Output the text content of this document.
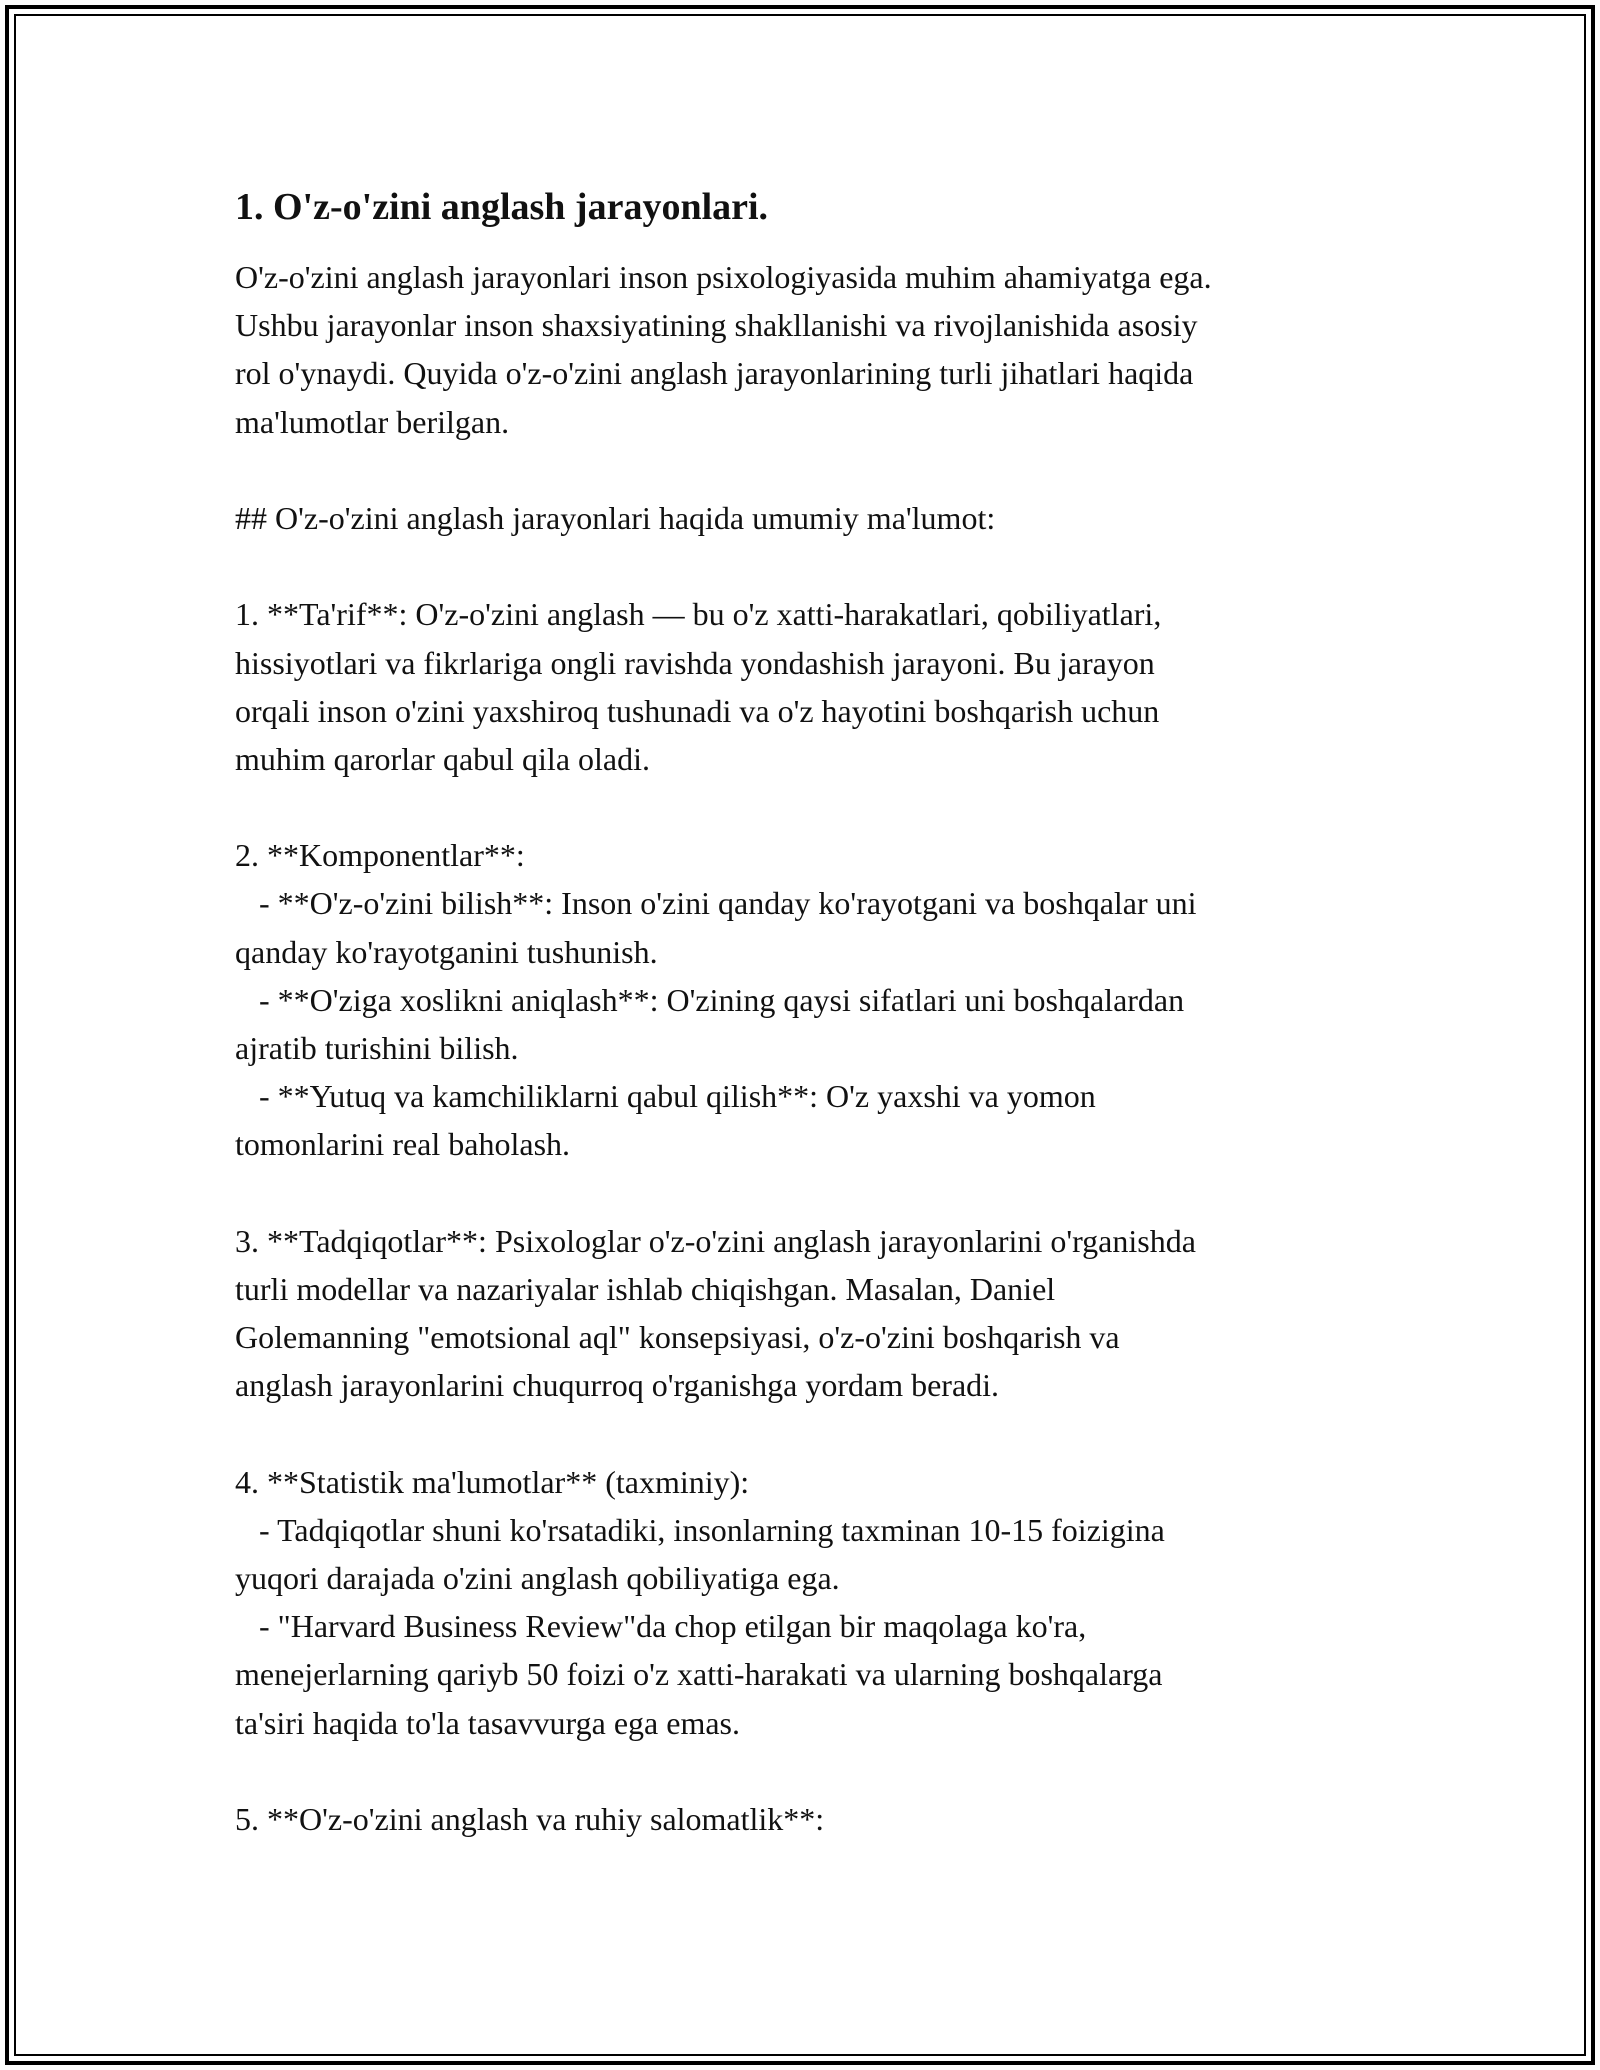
1. O'z-o'zini anglash jarayonlari.
O'z-o'zini anglash jarayonlari inson psixologiyasida muhim ahamiyatga ega.
Ushbu jarayonlar inson shaxsiyatining shakllanishi va rivojlanishida asosiy
rol o'ynaydi. Quyida o'z-o'zini anglash jarayonlarining turli jihatlari haqida
ma'lumotlar berilgan.
## O'z-o'zini anglash jarayonlari haqida umumiy ma'lumot:
1. **Ta'rif**: O'z-o'zini anglash — bu o'z xatti-harakatlari, qobiliyatlari,
hissiyotlari va fikrlariga ongli ravishda yondashish jarayoni. Bu jarayon
orqali inson o'zini yaxshiroq tushunadi va o'z hayotini boshqarish uchun
muhim qarorlar qabul qila oladi.
2. **Komponentlar**:
- **O'z-o'zini bilish**: Inson o'zini qanday ko'rayotgani va boshqalar uni
qanday ko'rayotganini tushunish.
- **O'ziga xoslikni aniqlash**: O'zining qaysi sifatlari uni boshqalardan
ajratib turishini bilish.
- **Yutuq va kamchiliklarni qabul qilish**: O'z yaxshi va yomon
tomonlarini real baholash.
3. **Tadqiqotlar**: Psixologlar o'z-o'zini anglash jarayonlarini o'rganishda
turli modellar va nazariyalar ishlab chiqishgan. Masalan, Daniel
Golemanning "emotsional aql" konsepsiyasi, o'z-o'zini boshqarish va
anglash jarayonlarini chuqurroq o'rganishga yordam beradi.
4. **Statistik ma'lumotlar** (taxminiy):
- Tadqiqotlar shuni ko'rsatadiki, insonlarning taxminan 10-15 foizigina
yuqori darajada o'zini anglash qobiliyatiga ega.
- "Harvard Business Review"da chop etilgan bir maqolaga ko'ra,
menejerlarning qariyb 50 foizi o'z xatti-harakati va ularning boshqalarga
ta'siri haqida to'la tasavvurga ega emas.
5. **O'z-o'zini anglash va ruhiy salomatlik**:
